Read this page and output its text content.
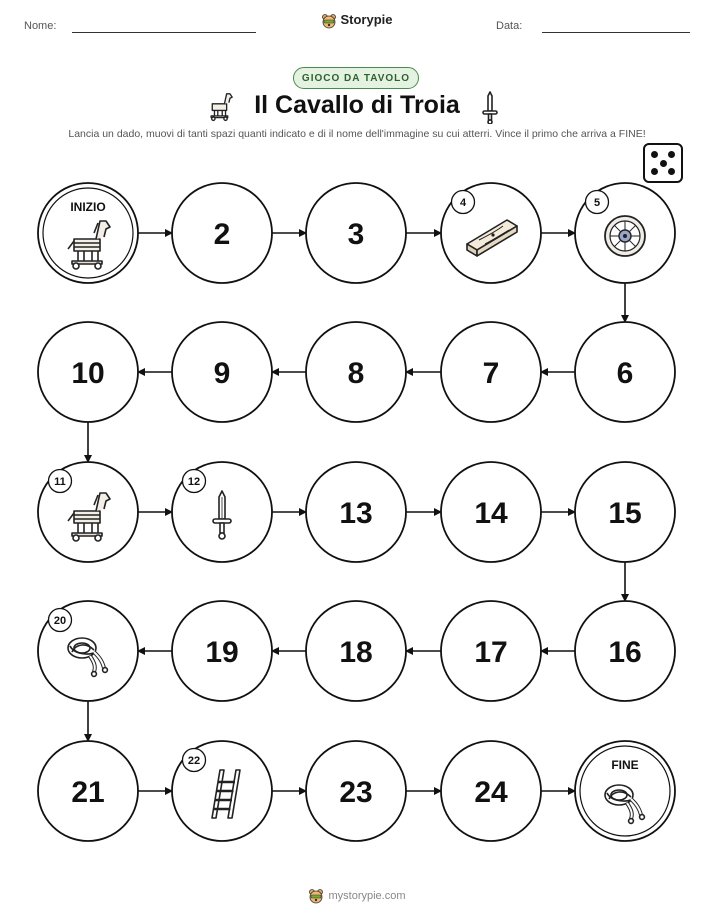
Nome:	Storypie	Data:
GIOCO DA TAVOLO
Il Cavallo di Troia
Lancia un dado, muovi di tanti spazi quanti indicato e di il nome dell'immagine su cui atterri. Vince il primo che arriva a FINE!
INIZIO
2	3
4	5
6
7
8
9
10
11	12
13	14	15
16
17
18
19
20
21
22
23	24
FINE
mystorypie.com
